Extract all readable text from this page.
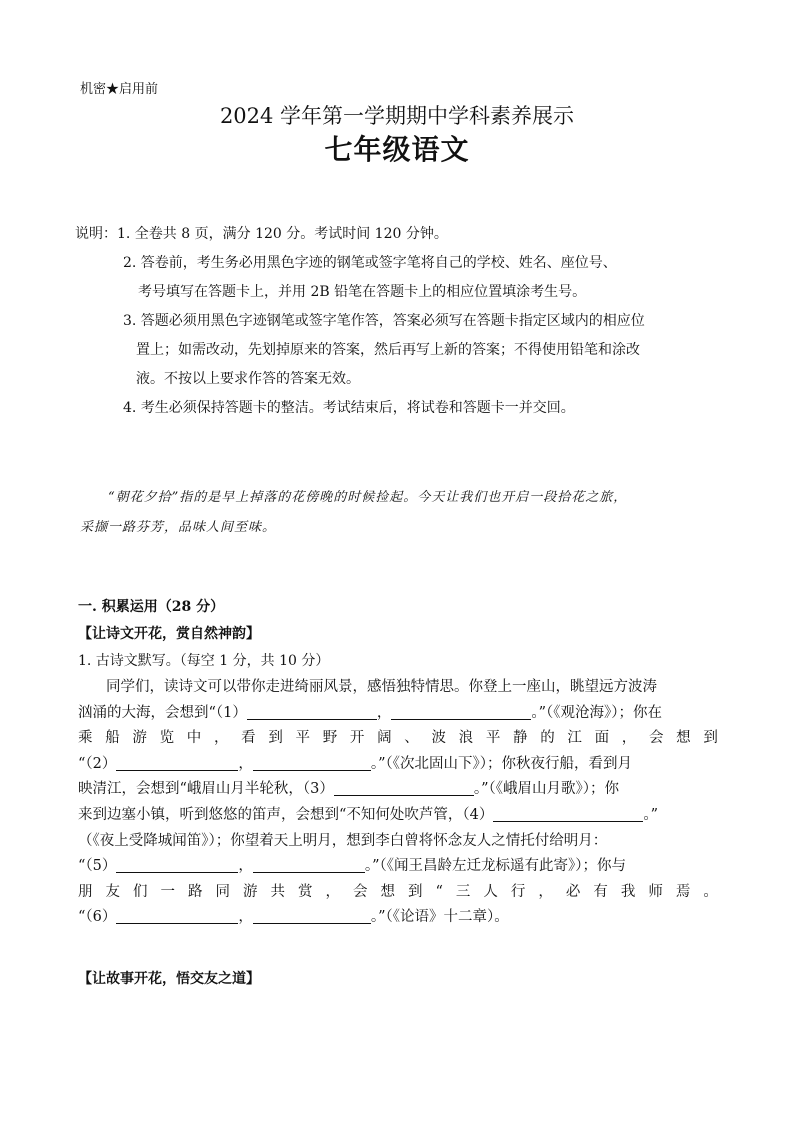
机密★启用前
2024 学年第一学期期中学科素养展示
七年级语文
说明：1. 全卷共 8 页，满分 120 分。考试时间 120 分钟。
2. 答卷前，考生务必用黑色字迹的钢笔或签字笔将自己的学校、姓名、座位号、
考号填写在答题卡上，并用 2B 铅笔在答题卡上的相应位置填涂考生号。
3. 答题必须用黑色字迹钢笔或签字笔作答，答案必须写在答题卡指定区域内的相应位
置上；如需改动，先划掉原来的答案，然后再写上新的答案；不得使用铅笔和涂改
液。不按以上要求作答的答案无效。
4. 考生必须保持答题卡的整洁。考试结束后，将试卷和答题卡一并交回。

“朝花夕拾”指的是早上掉落的花傍晚的时候捡起。今天让我们也开启一段拾花之旅，

采撷一路芬芳，品味人间至味。

一. 积累运用（28 分）
【让诗文开花，赏自然神韵】
1. 古诗文默写。（每空 1 分，共 10 分）
同学们，读诗文可以带你走进绮丽风景，感悟独特情思。你登上一座山，眺望远方波涛
汹涌的大海，会想到“（1）	，	。”（《观沧海》）；你在
乘 船 游 览 中 ， 看 到 平 野 开 阔 、 波 浪 平 静 的 江 面 ， 会 想 到
“（2）	，	。”（《次北固山下》）；你秋夜行船，看到月
映清江，会想到“峨眉山月半轮秋，（3）	。”（《峨眉山月歌》）；你
来到边塞小镇，听到悠悠的笛声，会想到“不知何处吹芦管，（4）	。”
（《夜上受降城闻笛》）；你望着天上明月，想到李白曾将怀念友人之情托付给明月：
“（5）	，	。”（《闻王昌龄左迁龙标遥有此寄》）；你与
朋 友 们 一 路 同 游 共 赏 ， 会 想 到 “ 三 人 行 ， 必 有 我 师 焉 。
“（6）	，	。”（《论语》十二章）。
【让故事开花，悟交友之道】
